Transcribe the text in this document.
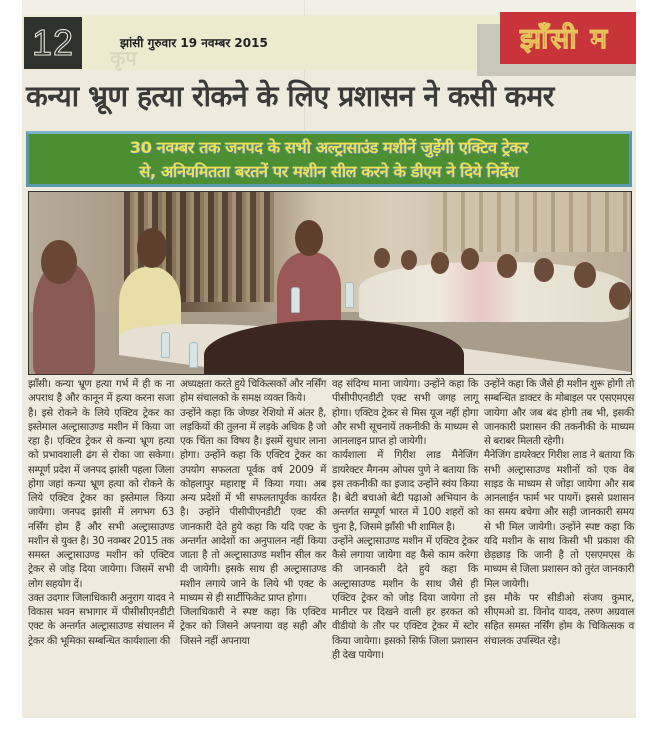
12	कृप
झांसी गुरुवार 19 नवम्बर 2015	झाँसी म
कन्या भ्रूण हत्या रोकने के लिए प्रशासन ने कसी कमर

30 नवम्बर तक जनपद के सभी अल्ट्रासाउंड मशीनें जुड़ेंगी एक्टिव ट्रेकर

से, अनियमितता बरतनें पर मशीन सील करने के डीएम ने दिये निर्देश

झाँसी। कन्या भ्रूण हत्या गर्भ में ही क ना अपराध है और कानून में हत्या करना सजा है। इसे रोकने के लिये एक्टिव ट्रेकर का इस्तेमाल अल्ट्रासाउण्ड मशीन में किया जा रहा है। एक्टिव ट्रेकर से कन्या भ्रूण हत्या को प्रभावशाली ढंग से रोका जा सकेगा। सम्पूर्ण प्रदेश में जनपद झांसी पहला जिला होगा जहां कन्या भ्रूण हत्या को रोकने के लिये एक्टिव ट्रेकर का इस्तेमाल किया जायेगा। जनपद झांसी में लगभग 63 नर्सिंग होम हैं और सभी अल्ट्रासाउण्ड मशीन से युक्त है। 30 नवम्बर 2015 तक समस्त अल्ट्रासाउण्ड मशीन को एक्टिव ट्रेकर से जोड़ दिया जायेगा। जिसमें सभी लोग सहयोग दें।

उक्त उदगार जिलाधिकारी अनुराग यादव ने विकास भवन सभागार में पीसीसीएनडीटी एक्ट के अन्तर्गत अल्ट्रासाउण्ड संचालन में ट्रेकर की भूमिका सम्बन्धित कार्यशाला की

अध्यक्षता करते हुये चिकित्सकों और नर्सिंग होम संचालको के समक्ष व्यक्त किये।

उन्होंने कहा कि जेण्डर रेशियो में अंतर है, लड़कियों की तुलना में लड़के अधिक है जो एक चिंता का विषय है। इसमें सुधार लाना होगा। उन्होंने कहा कि एक्टिव ट्रेकर का उपयोग सफलता पूर्वक वर्ष 2009 में कोहलापुर महाराष्ट्र में किया गया। अब अन्य प्रदेशों में भी सफलतापूर्वक कार्यरत है। उन्होंने पीसीपीएनडीटी एक्ट की जानकारी देते हुये कहा कि यदि एक्ट के अन्तर्गत आदेशों का अनुपालन नहीं किया जाता है तो अल्ट्रासाउण्ड मशीन सील कर दी जायेगी। इसके साथ ही अल्ट्रासाउण्ड मशीन लगाये जाने के लिये भी एक्ट के माध्यम से ही सार्टीफिकेट प्राप्त होगा।

जिलाधिकारी ने स्पष्ट कहा कि एक्टिव ट्रेकर को जिसने अपनाया वह सही और जिसने नहीं अपनाया

वह संदिग्ध माना जायेगा। उन्होंने कहा कि पीसीपीएनडीटी एक्ट सभी जगह लागू होगा। एक्टिव ट्रेकर से मिस यूज नहीं होगा और सभी सूचनायें तकनीकी के माध्यम से आनलाइन प्राप्त हो जायेगी।

कार्यशाला में गिरीश लाड मैनेजिंग डायरेक्टर मैगनम ओपस पुणे ने बताया कि इस तकनीकी का इजाद उन्होंने स्वंय किया है। बेटी बचाओ बेटी पढ़ाओ अभियान के अन्तर्गत सम्पूर्ण भारत में 100 शहरों को चुना है, जिसमे झाँसी भी शामिल है।

उन्होंने अल्ट्रासाउण्ड मशीन में एक्टिव ट्रेकर कैसे लगाया जायेगा वह कैसे काम करेगा की जानकारी देते हुये कहा कि अल्ट्रासाउण्ड मशीन के साथ जैसे ही एक्टिव ट्रेकर को जोड़ दिया जायेगा तो मानीटर पर दिखने वाली हर हरकत को वीडीयो के तौर पर एक्टिव ट्रेकर में स्टोर किया जायेगा। इसको सिर्फ जिला प्रशासन ही देख पायेगा।

उन्होंने कहा कि जैसे ही मशीन शुरू होगी तो सम्बन्धित डाक्टर के मोबाइल पर एसएमएस जायेगा और जब बंद होगी तब भी, इसकी जानकारी प्रशासन की तकनीकी के माध्यम से बराबर मिलती रहेगी।

मैनेजिंग डायरेक्टर गिरीश लाड ने बताया कि सभी अल्ट्रासाउण्ड मशीनों को एक वेब साइड के माध्यम से जोड़ा जायेगा और सब आनलाईन फार्म भर पायगें। इससे प्रशासन का समय बचेगा और सही जानकारी समय से भी मिल जायेगी। उन्होंने स्पष्ट कहा कि यदि मशीन के साथ किसी भी प्रकाश की छेड़छाड़ कि जानी है तो एसएमएस के माध्यम से जिला प्रशासन को तुरंत जानकारी मिल जायेगी।

इस मौके पर सीडीओ संजय कुमार, सीएमओ डा. विनोद यादव, तरुण अग्रवाल सहित समस्त नर्सिंग होम के चिकित्सक व संचालक उपस्थित रहे।
